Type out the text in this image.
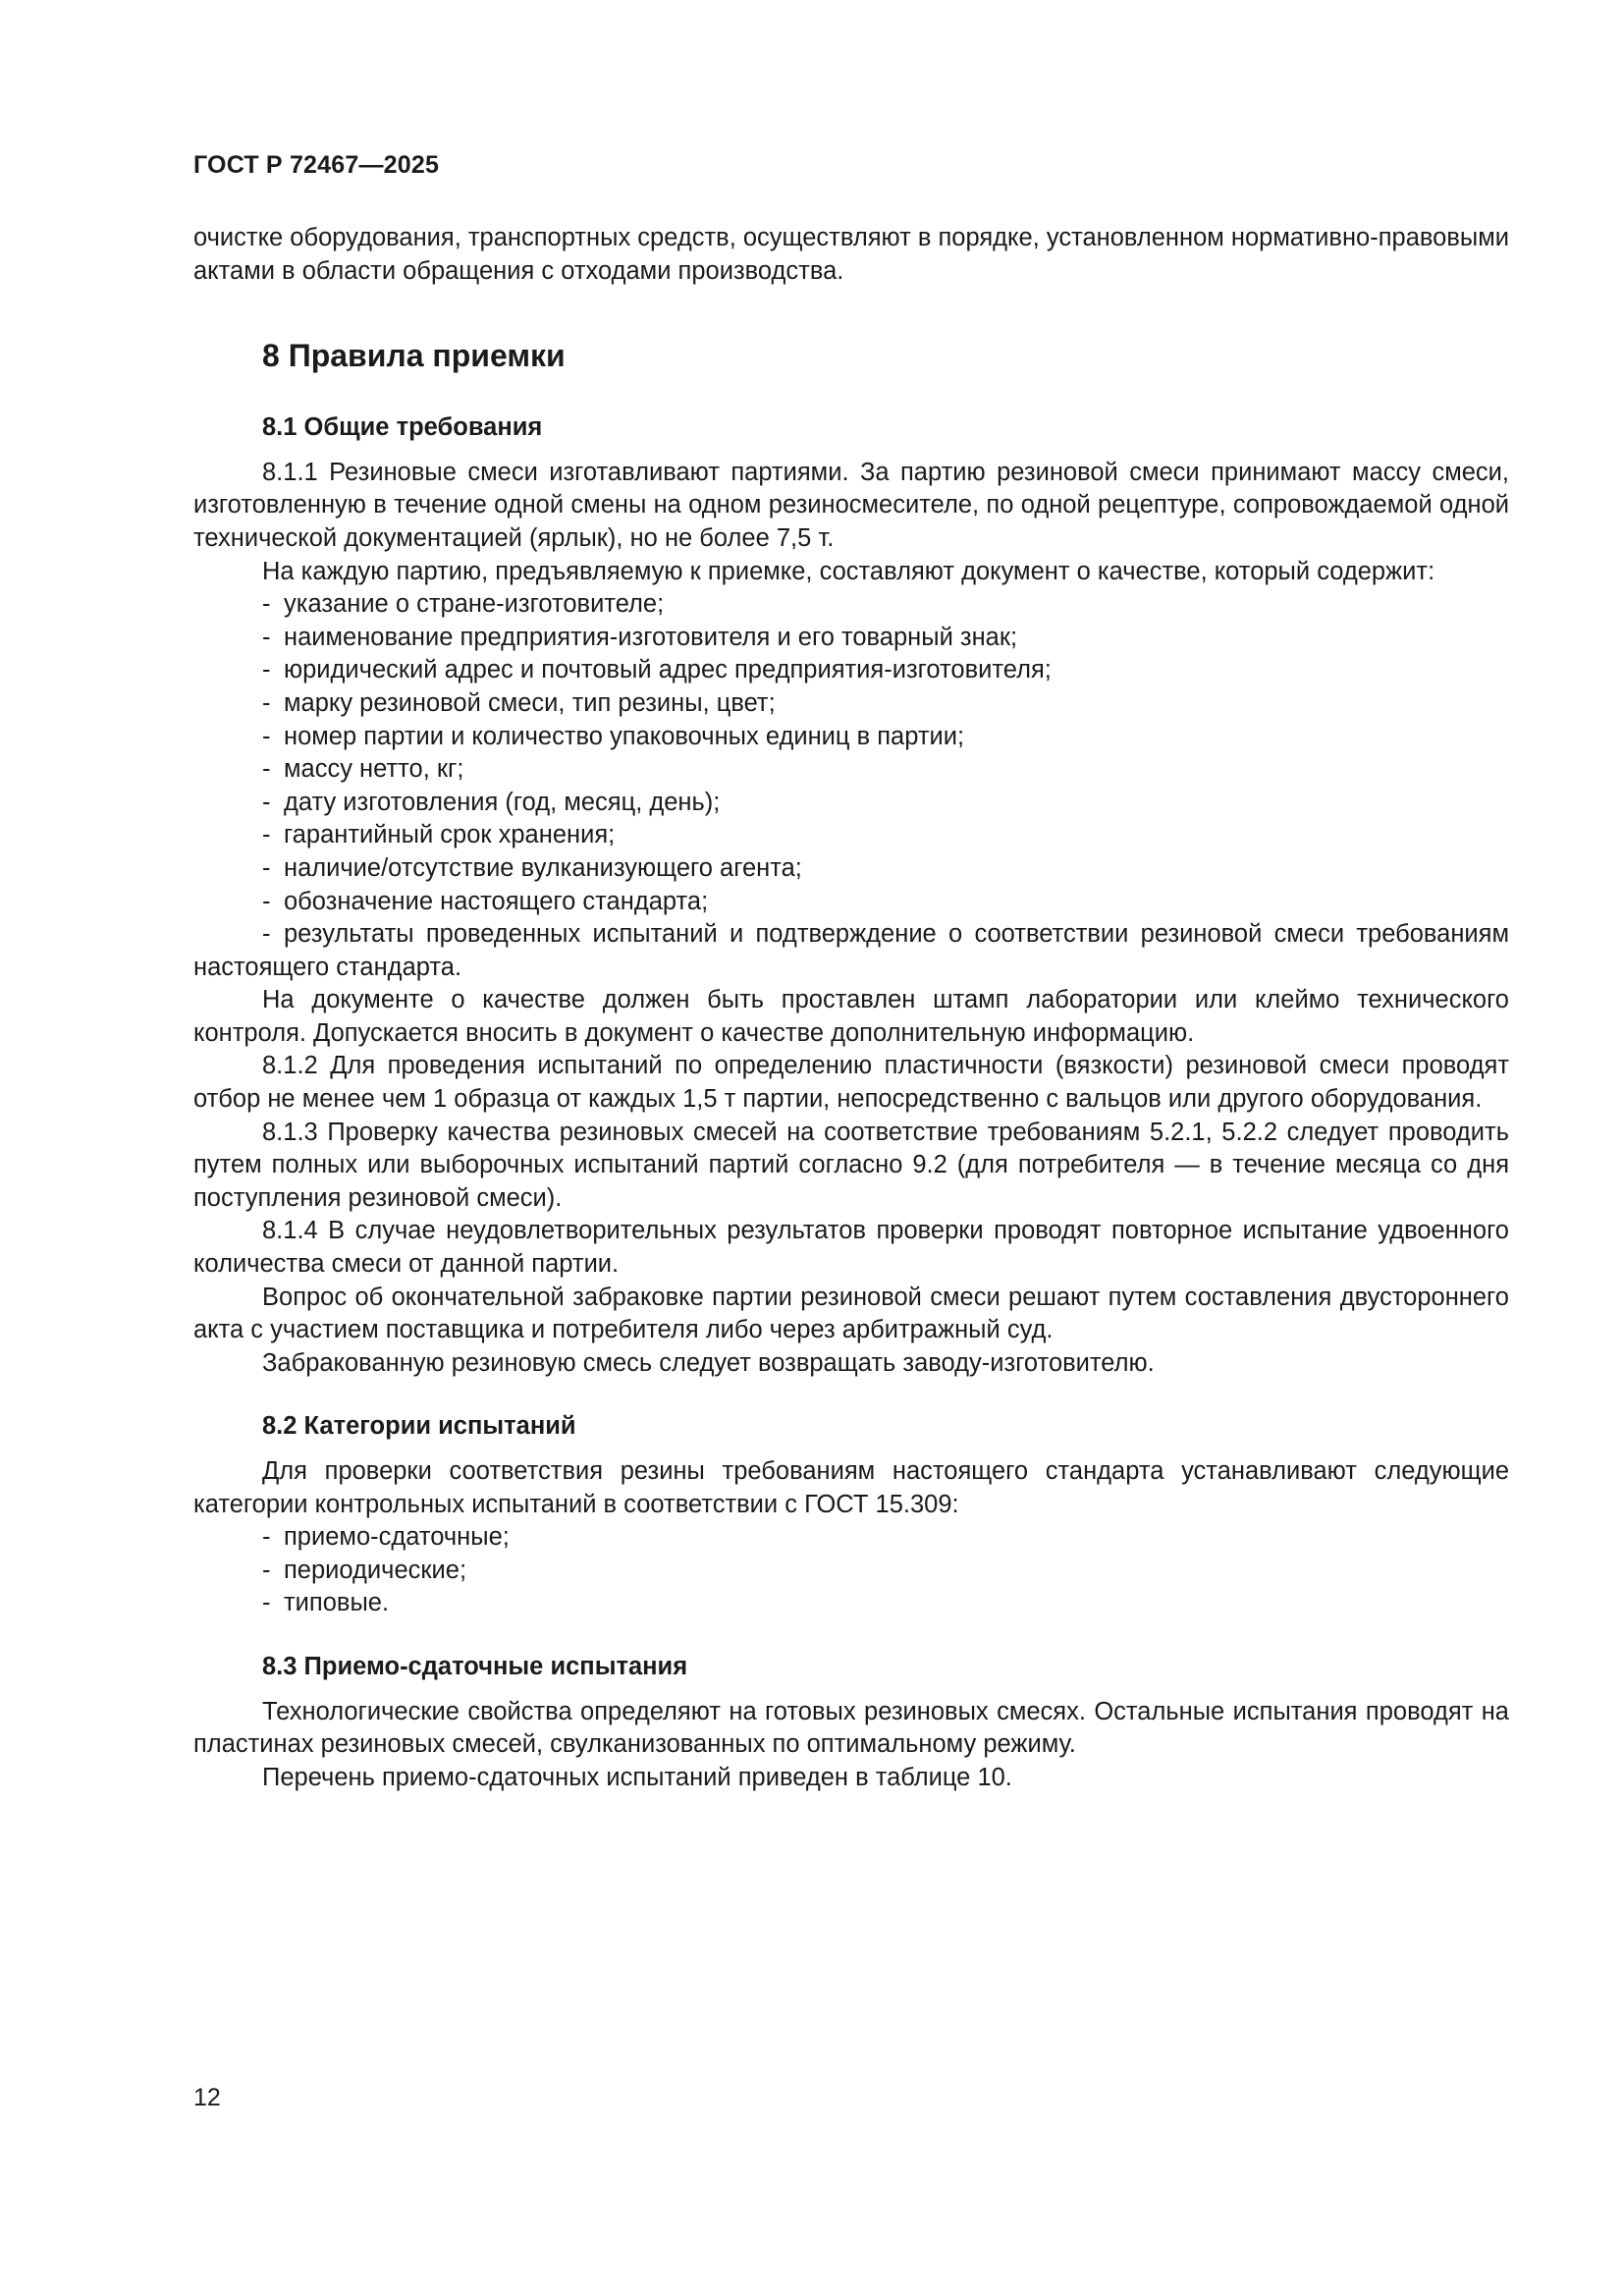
ГОСТ Р 72467—2025

очистке оборудования, транспортных средств, осуществляют в порядке, установленном нормативно-правовыми актами в области обращения с отходами производства.

8 Правила приемки
8.1 Общие требования

8.1.1 Резиновые смеси изготавливают партиями. За партию резиновой смеси принимают массу смеси, изготовленную в течение одной смены на одном резиносмесителе, по одной рецептуре, сопровождаемой одной технической документацией (ярлык), но не более 7,5 т.

На каждую партию, предъявляемую к приемке, составляют документ о качестве, который содержит:

- указание о стране-изготовителе;
- наименование предприятия-изготовителя и его товарный знак;
- юридический адрес и почтовый адрес предприятия-изготовителя;
- марку резиновой смеси, тип резины, цвет;
- номер партии и количество упаковочных единиц в партии;
- массу нетто, кг;
- дату изготовления (год, месяц, день);
- гарантийный срок хранения;
- наличие/отсутствие вулканизующего агента;
- обозначение настоящего стандарта;
- результаты проведенных испытаний и подтверждение о соответствии резиновой смеси требованиям настоящего стандарта.

На документе о качестве должен быть проставлен штамп лаборатории или клеймо технического контроля. Допускается вносить в документ о качестве дополнительную информацию.

8.1.2 Для проведения испытаний по определению пластичности (вязкости) резиновой смеси проводят отбор не менее чем 1 образца от каждых 1,5 т партии, непосредственно с вальцов или другого оборудования.

8.1.3 Проверку качества резиновых смесей на соответствие требованиям 5.2.1, 5.2.2 следует проводить путем полных или выборочных испытаний партий согласно 9.2 (для потребителя — в течение месяца со дня поступления резиновой смеси).

8.1.4 В случае неудовлетворительных результатов проверки проводят повторное испытание удвоенного количества смеси от данной партии.

Вопрос об окончательной забраковке партии резиновой смеси решают путем составления двустороннего акта с участием поставщика и потребителя либо через арбитражный суд.

Забракованную резиновую смесь следует возвращать заводу-изготовителю.

8.2 Категории испытаний

Для проверки соответствия резины требованиям настоящего стандарта устанавливают следующие категории контрольных испытаний в соответствии с ГОСТ 15.309:

- приемо-сдаточные;
- периодические;
- типовые.
8.3 Приемо-сдаточные испытания

Технологические свойства определяют на готовых резиновых смесях. Остальные испытания проводят на пластинах резиновых смесей, свулканизованных по оптимальному режиму.

Перечень приемо-сдаточных испытаний приведен в таблице 10.

12
